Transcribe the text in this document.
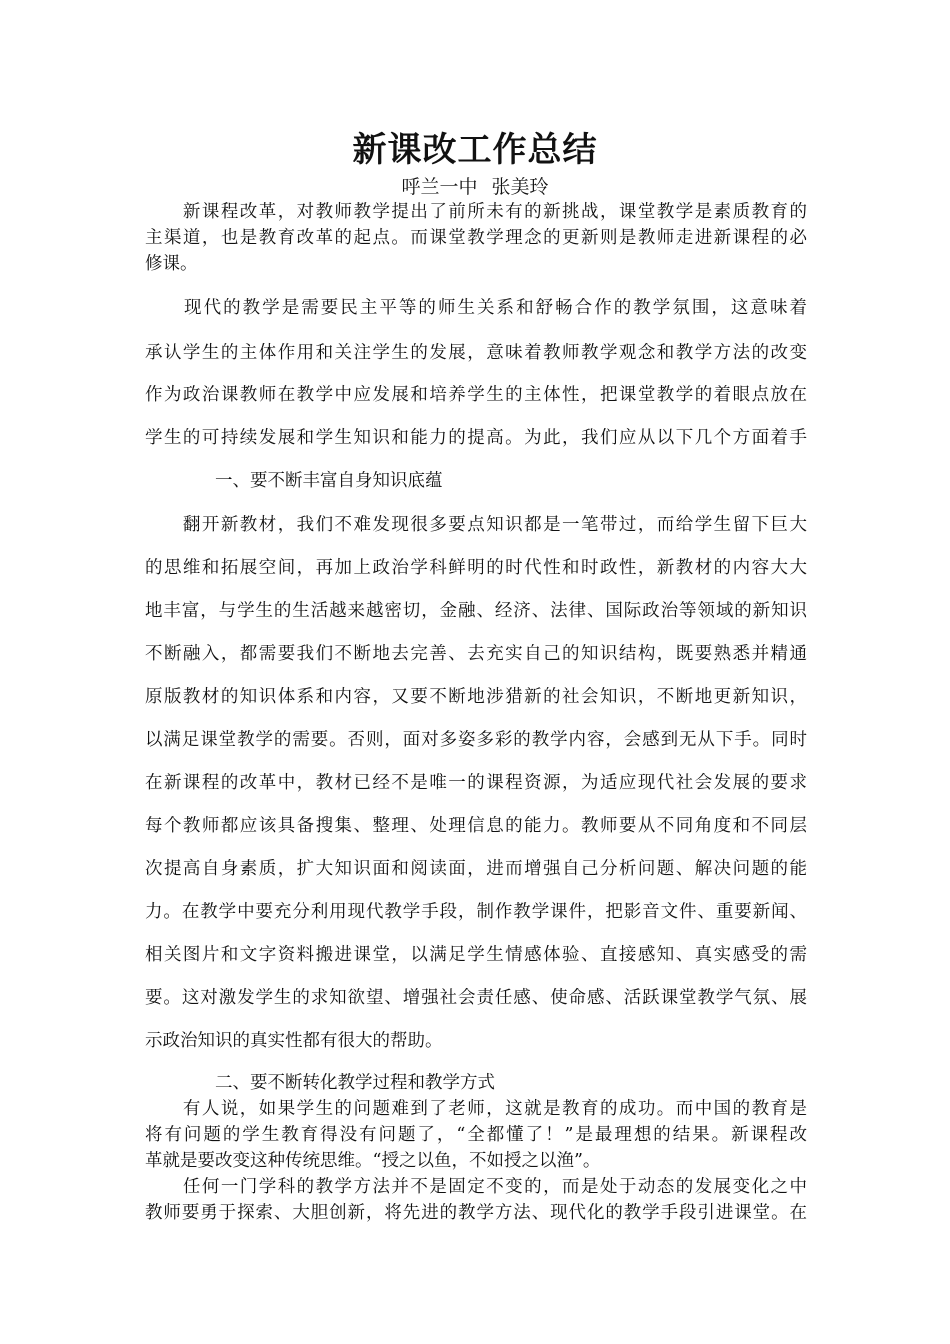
新课改工作总结
呼兰一中 张美玲
　　新课程改革，对教师教学提出了前所未有的新挑战，课堂教学是素质教育的
主渠道，也是教育改革的起点。而课堂教学理念的更新则是教师走进新课程的必
修课。
　　现代的教学是需要民主平等的师生关系和舒畅合作的教学氛围，这意味着
承认学生的主体作用和关注学生的发展，意味着教师教学观念和教学方法的改变
作为政治课教师在教学中应发展和培养学生的主体性，把课堂教学的着眼点放在
学生的可持续发展和学生知识和能力的提高。为此，我们应从以下几个方面着手
　　　　一、要不断丰富自身知识底蕴
　　翻开新教材，我们不难发现很多要点知识都是一笔带过，而给学生留下巨大
的思维和拓展空间，再加上政治学科鲜明的时代性和时政性，新教材的内容大大
地丰富，与学生的生活越来越密切，金融、经济、法律、国际政治等领域的新知识
不断融入，都需要我们不断地去完善、去充实自己的知识结构，既要熟悉并精通
原版教材的知识体系和内容，又要不断地涉猎新的社会知识，不断地更新知识，
以满足课堂教学的需要。否则，面对多姿多彩的教学内容，会感到无从下手。同时
在新课程的改革中，教材已经不是唯一的课程资源，为适应现代社会发展的要求
每个教师都应该具备搜集、整理、处理信息的能力。教师要从不同角度和不同层
次提高自身素质，扩大知识面和阅读面，进而增强自己分析问题、解决问题的能
力。在教学中要充分利用现代教学手段，制作教学课件，把影音文件、重要新闻、
相关图片和文字资料搬进课堂，以满足学生情感体验、直接感知、真实感受的需
要。这对激发学生的求知欲望、增强社会责任感、使命感、活跃课堂教学气氛、展
示政治知识的真实性都有很大的帮助。
　　　　二、要不断转化教学过程和教学方式
　　有人说，如果学生的问题难到了老师，这就是教育的成功。而中国的教育是
将有问题的学生教育得没有问题了，“全都懂了！”是最理想的结果。新课程改
革就是要改变这种传统思维。“授之以鱼，不如授之以渔”。
　　任何一门学科的教学方法并不是固定不变的，而是处于动态的发展变化之中
教师要勇于探索、大胆创新，将先进的教学方法、现代化的教学手段引进课堂。在
